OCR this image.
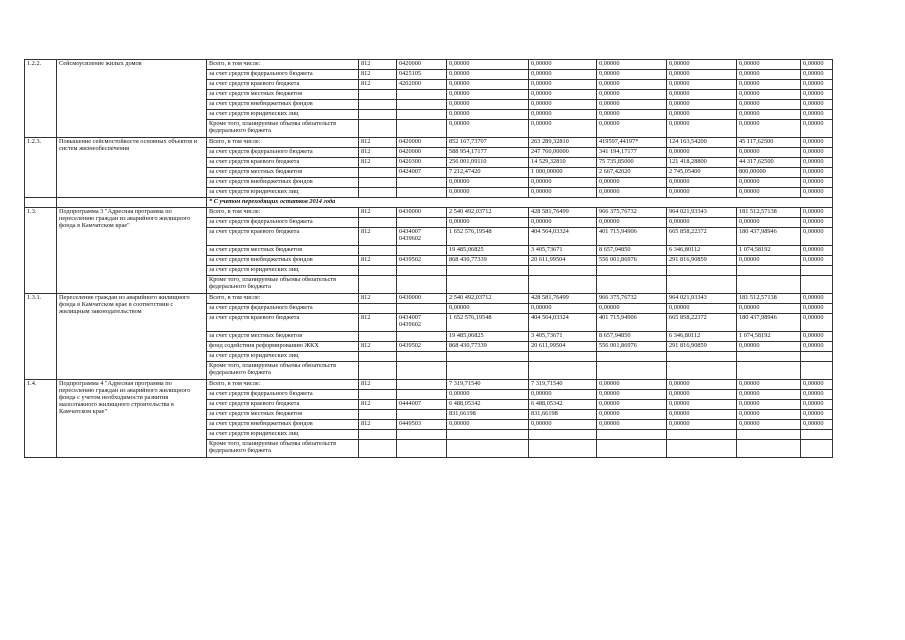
1.2.2.	Сейсмоусиление жилых домов	Всего, в том числе:	812	0420000	0,00000	0,00000	0,00000	0,00000	0,00000	0,00000
		за счет средств федерального бюджета	812	0425105	0,00000	0,00000	0,00000	0,00000	0,00000	0,00000
		за счет средств краевого бюджета	812	4202000	0,00000	0,00000	0,00000	0,00000	0,00000	0,00000
		за счет средств местных бюджетов			0,00000	0,00000	0,00000	0,00000	0,00000	0,00000
		за счет средств внебюджетных фондов			0,00000	0,00000	0,00000	0,00000	0,00000	0,00000
		за счет средств юридических лиц			0,00000	0,00000	0,00000	0,00000	0,00000	0,00000
		Кроме того, планируемые объемы обязательств федерального бюджета			0,00000	0,00000	0,00000	0,00000	0,00000	0,00000
1.2.3.	Повышение сейсмостойкости основных объектов и систем жизнеобеспечения	Всего, в том числе:	812	0420000	852 167,73707	263 289,32810	419597,44197*	124 163,54200	45 117,62500	0,00000
		за счет средств федерального бюджета	812	0420000	588 954,17177	247 760,00000	341 194,17177	0,00000	0,00000	0,00000
		за счет средств краевого бюджета	812	0420300	256 001,09110	14 529,32810	75 735,85000	121 418,28800	44 317,62500	0,00000
		за счет средств местных бюджетов		0424007	7 212,47420	1 000,00000	2 667,42020	2 745,05400	800,00000	0,00000
		за счет средств внебюджетных фондов			0,00000	0,00000	0,00000	0,00000	0,00000	0,00000
		за счет средств юридических лиц			0,00000	0,00000	0,00000	0,00000	0,00000	0,00000
		* С учетом переходящих остатков 2014 года								
1.3.	Подпрограмма 3 "Адресная программа по переселению граждан из аварийного жилищного фонда в Камчатском крае"	Всего, в том числе:	812	0430000	2 540 492,03712	428 581,76499	966 375,76732	964 021,93343	181 512,57138	0,00000
		за счет средств федерального бюджета			0,00000	0,00000	0,00000	0,00000	0,00000	0,00000
		за счет средств краевого бюджета	812	0434007
0439602	1 652 576,19548	404 564,03324	401 715,94906	665 858,22372	180 437,98946	0,00000
		за счет средств местных бюджетов			19 485,06825	3 405,73671	8 657,94850	6 346,80112	1 074,58192	0,00000
		за счет средств внебюджетных фондов	812	0439502	868 430,77339	20 611,99504	556 001,86976	291 816,90859	0,00000	0,00000
		за счет средств юридических лиц								
		Кроме того, планируемые объемы обязательств федерального бюджета								
1.3.1.	Переселение граждан из аварийного жилищного фонда в Камчатском крае в соответствии с жилищным законодательством	Всего, в том числе:	812	0430000	2 540 492,03712	428 581,76499	966 375,76732	964 021,93343	181 512,57138	0,00000
		за счет средств федерального бюджета			0,00000	0,00000	0,00000	0,00000	0,00000	0,00000
		за счет средств краевого бюджета	812	0434007
0439602	1 652 576,19548	404 564,03324	401 715,94906	665 858,22372	180 437,98946	0,00000
		за счет средств местных бюджетов			19 485,06825	3 405,73671	8 657,94850	6 346,80112	1 074,58192	0,00000
		фонд содействия реформированию ЖКХ	812	0439502	868 430,77339	20 611,99504	556 001,86976	291 816,90859	0,00000	0,00000
		за счет средств юридических лиц								
		Кроме того, планируемые объемы обязательств федерального бюджета								
1.4.	Подпрограмма 4 "Адресная программа по переселению граждан из аварийного жилищного фонда с учетом необходимости развития малоэтажного жилищного строительства в Камчатском крае"	Всего, в том числе:	812		7 319,71540	7 319,71540	0,00000	0,00000	0,00000	0,00000
		за счет средств федерального бюджета			0,00000	0,00000	0,00000	0,00000	0,00000	0,00000
		за счет средств краевого бюджета	812	0444007	6 488,05342	6 488,05342	0,00000	0,00000	0,00000	0,00000
		за счет средств местных бюджетов			831,66198	831,66198	0,00000	0,00000	0,00000	0,00000
		за счет средств внебюджетных фондов	812	0449503	0,00000	0,00000	0,00000	0,00000	0,00000	0,00000
		за счет средств юридических лиц								
		Кроме того, планируемые объемы обязательств федерального бюджета								
